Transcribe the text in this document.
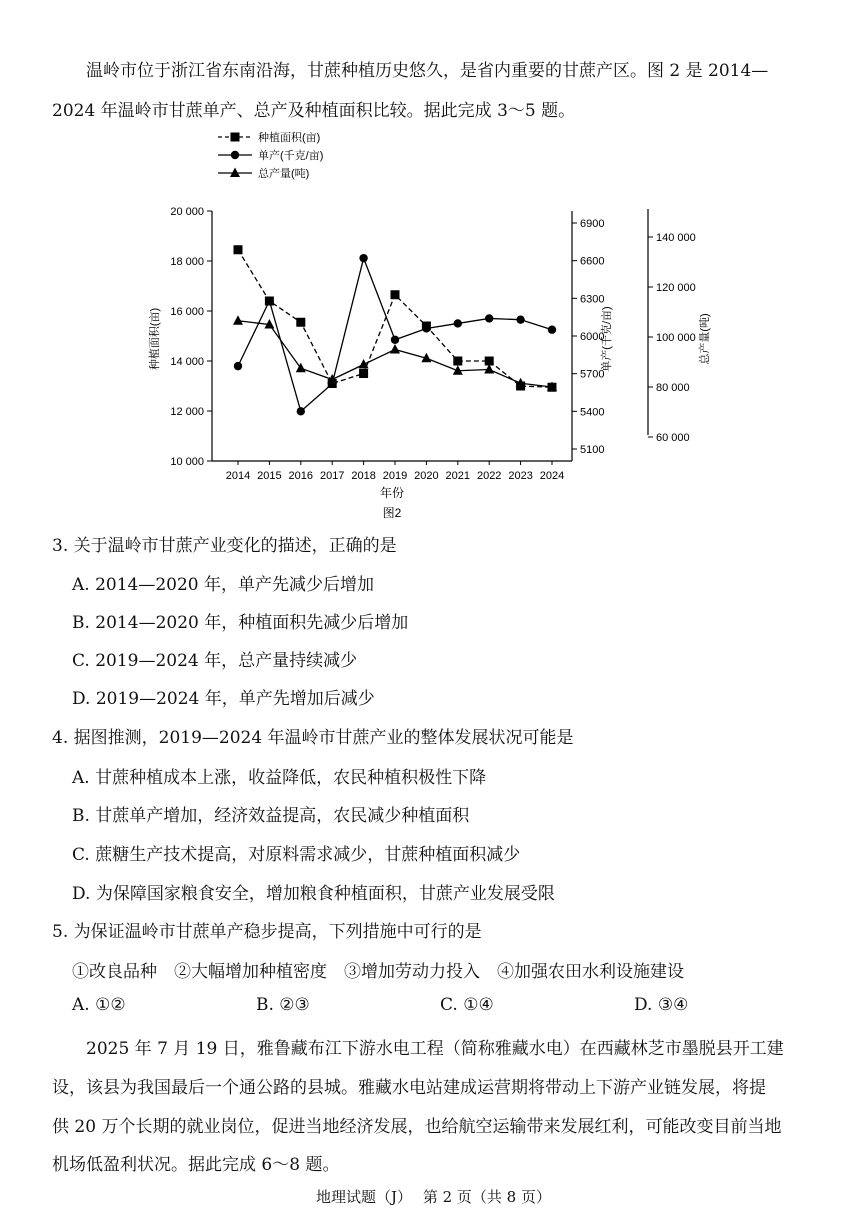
温岭市位于浙江省东南沿海，甘蔗种植历史悠久，是省内重要的甘蔗产区。图 2 是 2014—
2024 年温岭市甘蔗单产、总产及种植面积比较。据此完成 3～5 题。
种植面积(亩)
单产(千克/亩)
总产量(吨)
10 000
12 000
14 000
16 000
18 000
20 000
5100
5400
5700
6000
6300
6600
6900
60 000
80 000
100 000
120 000
140 000
2014 2015 2016 2017 2018 2019 2020 2021 2022 2023 2024
种植面积(亩)	单产(千克/亩)	总产量(吨)
年份
图2
3. 关于温岭市甘蔗产业变化的描述，正确的是
A. 2014—2020 年，单产先减少后增加
B. 2014—2020 年，种植面积先减少后增加
C. 2019—2024 年，总产量持续减少
D. 2019—2024 年，单产先增加后减少
4. 据图推测，2019—2024 年温岭市甘蔗产业的整体发展状况可能是
A. 甘蔗种植成本上涨，收益降低，农民种植积极性下降
B. 甘蔗单产增加，经济效益提高，农民减少种植面积
C. 蔗糖生产技术提高，对原料需求减少，甘蔗种植面积减少
D. 为保障国家粮食安全，增加粮食种植面积，甘蔗产业发展受限
5. 为保证温岭市甘蔗单产稳步提高，下列措施中可行的是
①改良品种　②大幅增加种植密度　③增加劳动力投入　④加强农田水利设施建设
A. ①②	B. ②③	C. ①④	D. ③④
2025 年 7 月 19 日，雅鲁藏布江下游水电工程（简称雅藏水电）在西藏林芝市墨脱县开工建
设，该县为我国最后一个通公路的县城。雅藏水电站建成运营期将带动上下游产业链发展，将提
供 20 万个长期的就业岗位，促进当地经济发展，也给航空运输带来发展红利，可能改变目前当地
机场低盈利状况。据此完成 6～8 题。
地理试题（J） 第 2 页（共 8 页）
